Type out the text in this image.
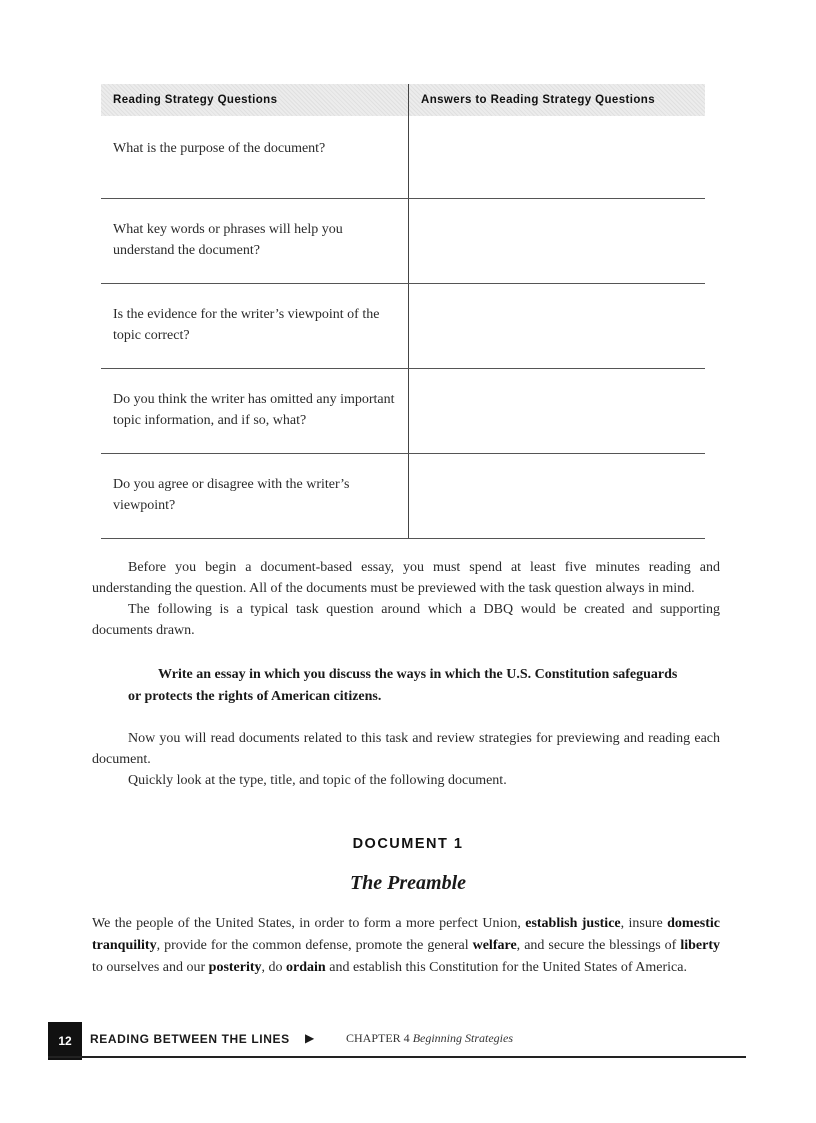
Reading Strategy Questions	Answers to Reading Strategy Questions
What is the purpose of the document?
What key words or phrases will help you understand the document?
Is the evidence for the writer’s viewpoint of the topic correct?
Do you think the writer has omitted any important topic information, and if so, what?
Do you agree or disagree with the writer’s viewpoint?

Before you begin a document-based essay, you must spend at least five minutes reading and understanding the question. All of the documents must be previewed with the task question always in mind.

The following is a typical task question around which a DBQ would be created and supporting documents drawn.

Write an essay in which you discuss the ways in which the U.S. Constitution safeguards or protects the rights of American citizens.

Now you will read documents related to this task and review strategies for previewing and reading each document.

Quickly look at the type, title, and topic of the following document.

DOCUMENT 1
The Preamble

We the people of the United States, in order to form a more perfect Union, establish justice, insure domestic tranquility, provide for the common defense, promote the general welfare, and secure the blessings of liberty to ourselves and our posterity, do ordain and establish this Constitution for the United States of America.

12	READING BETWEEN THE LINES ▶	CHAPTER 4 Beginning Strategies
